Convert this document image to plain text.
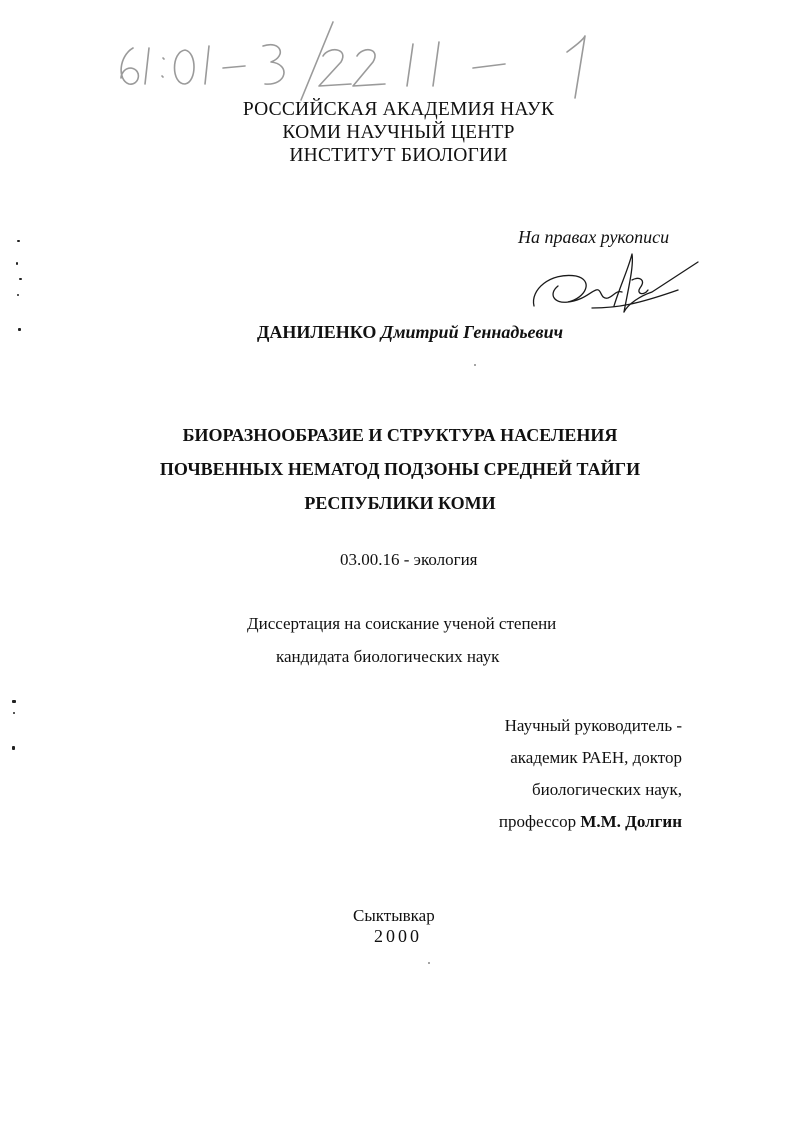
РОССИЙСКАЯ АКАДЕМИЯ НАУК
КОМИ НАУЧНЫЙ ЦЕНТР
ИНСТИТУТ БИОЛОГИИ
На правах рукописи
ДАНИЛЕНКО Дмитрий Геннадьевич
БИОРАЗНООБРАЗИЕ И СТРУКТУРА НАСЕЛЕНИЯ
ПОЧВЕННЫХ НЕМАТОД ПОДЗОНЫ СРЕДНЕЙ ТАЙГИ
РЕСПУБЛИКИ КОМИ
03.00.16 - экология
Диссертация на соискание ученой степени
кандидата биологических наук
Научный руководитель -
академик РАЕН, доктор
биологических наук,
профессор М.М. Долгин
Сыктывкар
2000
